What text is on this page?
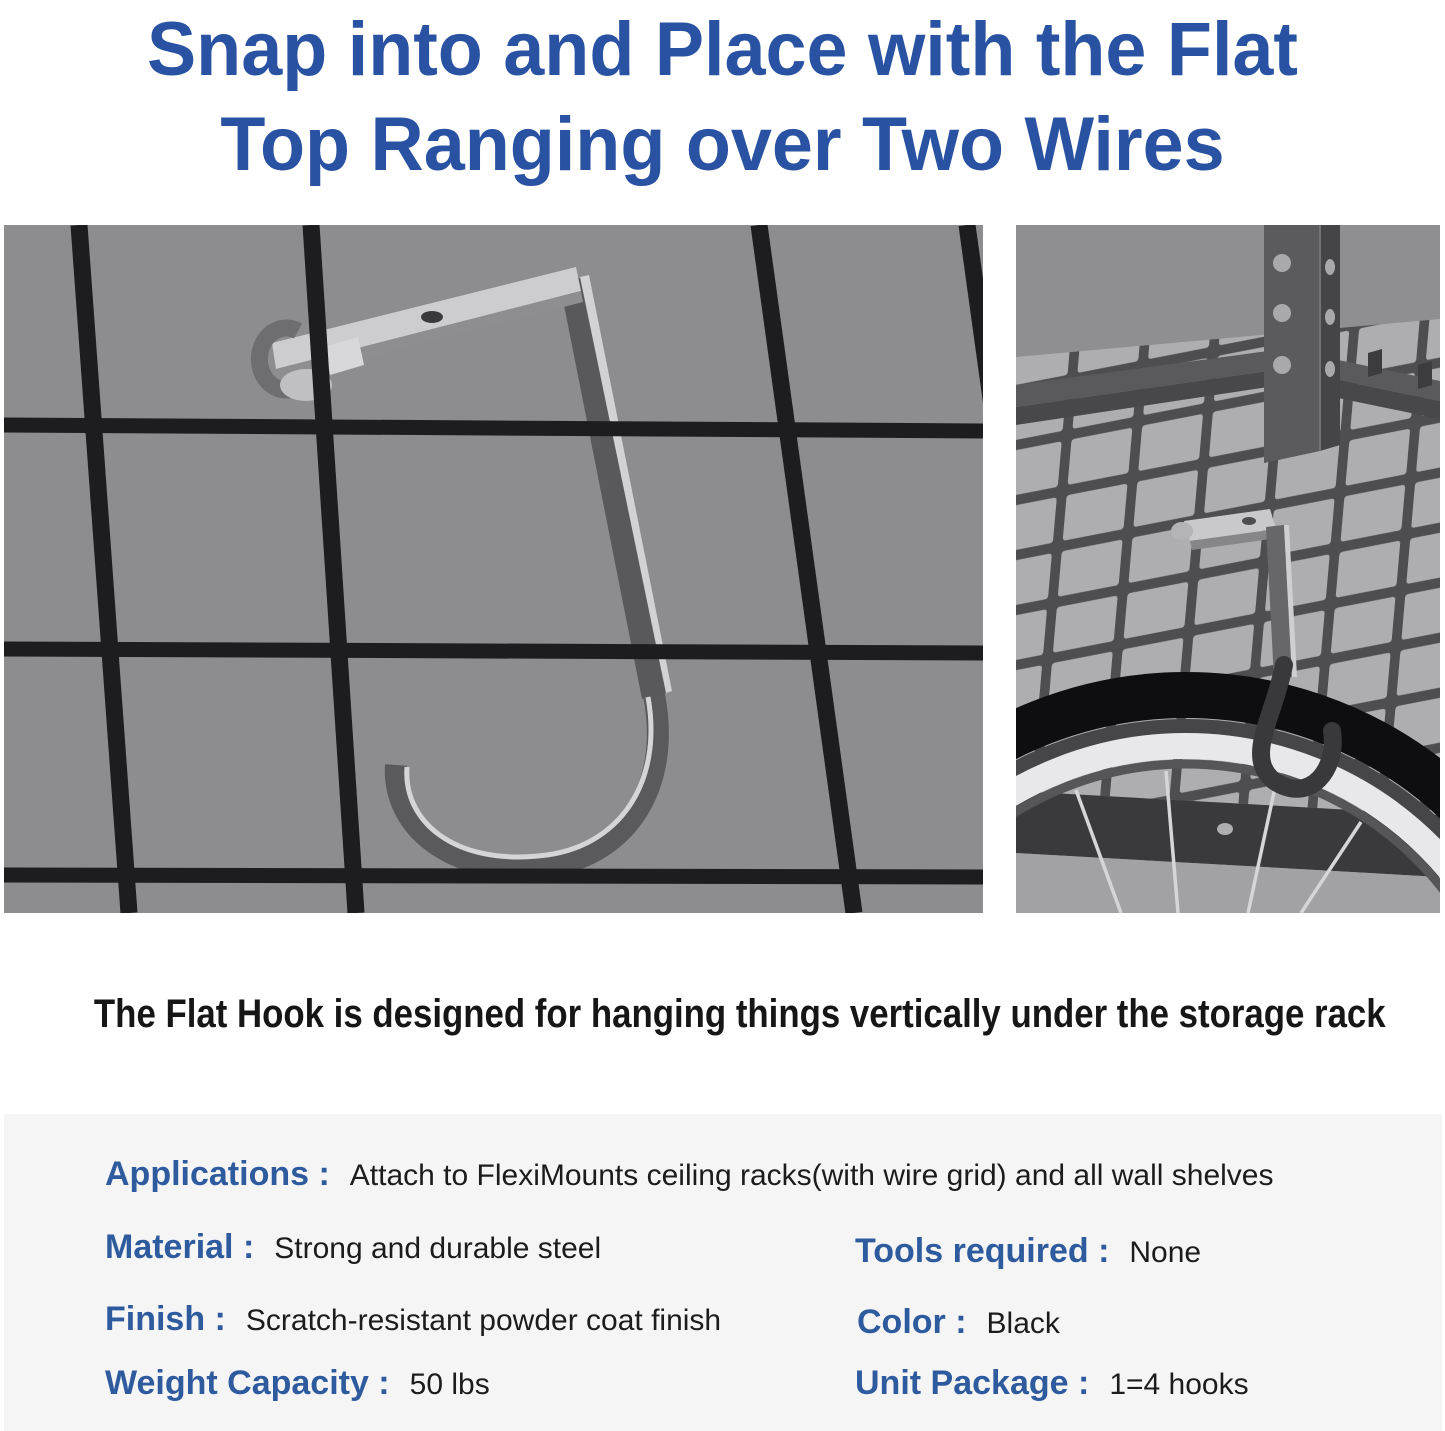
Snap into and Place with the Flat
Top Ranging over Two Wires
The Flat Hook is designed for hanging things vertically under the storage rack
Applications : Attach to FlexiMounts ceiling racks(with wire grid) and all wall shelves
Material : Strong and durable steel
Finish : Scratch-resistant powder coat finish
Weight Capacity : 50 lbs
Tools required : None
Color : Black
Unit Package : 1=4 hooks
